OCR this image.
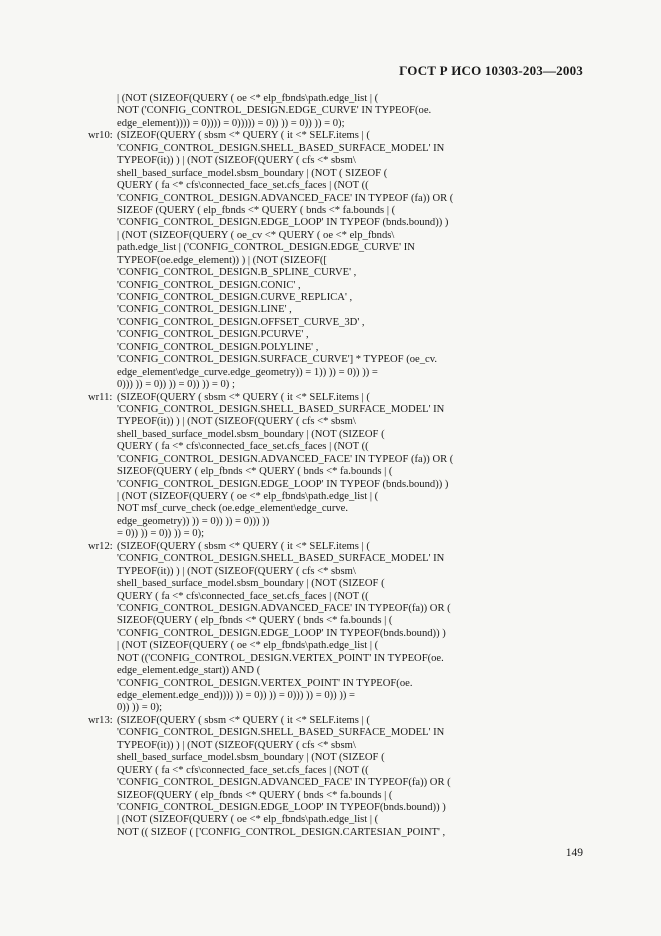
ГОСТ Р ИСО 10303-203—2003
| (NOT (SIZEOF(QUERY ( oe <* elp_fbnds\path.edge_list | (
NOT ('CONFIG_CONTROL_DESIGN.EDGE_CURVE' IN TYPEOF(oe.
edge_element)))) = 0)))) = 0))))) = 0)) )) = 0)) )) = 0);
wr10: (SIZEOF(QUERY ( sbsm <* QUERY ( it <* SELF.items | (
'CONFIG_CONTROL_DESIGN.SHELL_BASED_SURFACE_MODEL' IN
TYPEOF(it)) ) | (NOT (SIZEOF(QUERY ( cfs <* sbsm\
shell_based_surface_model.sbsm_boundary | (NOT ( SIZEOF (
QUERY ( fa <* cfs\connected_face_set.cfs_faces | (NOT ((
'CONFIG_CONTROL_DESIGN.ADVANCED_FACE' IN TYPEOF (fa)) OR (
SIZEOF (QUERY ( elp_fbnds <* QUERY ( bnds <* fa.bounds | (
'CONFIG_CONTROL_DESIGN.EDGE_LOOP' IN TYPEOF (bnds.bound)) )
| (NOT (SIZEOF(QUERY ( oe_cv <* QUERY ( oe <* elp_fbnds\
path.edge_list | ('CONFIG_CONTROL_DESIGN.EDGE_CURVE' IN
TYPEOF(oe.edge_element)) ) | (NOT (SIZEOF([
'CONFIG_CONTROL_DESIGN.B_SPLINE_CURVE' ,
'CONFIG_CONTROL_DESIGN.CONIC' ,
'CONFIG_CONTROL_DESIGN.CURVE_REPLICA' ,
'CONFIG_CONTROL_DESIGN.LINE' ,
'CONFIG_CONTROL_DESIGN.OFFSET_CURVE_3D' ,
'CONFIG_CONTROL_DESIGN.PCURVE' ,
'CONFIG_CONTROL_DESIGN.POLYLINE' ,
'CONFIG_CONTROL_DESIGN.SURFACE_CURVE'] * TYPEOF (oe_cv.
edge_element\edge_curve.edge_geometry)) = 1)) )) = 0)) )) =
0))) )) = 0)) )) = 0)) )) = 0) ;
wr11: (SIZEOF(QUERY ( sbsm <* QUERY ( it <* SELF.items | (
'CONFIG_CONTROL_DESIGN.SHELL_BASED_SURFACE_MODEL' IN
TYPEOF(it)) ) | (NOT (SIZEOF(QUERY ( cfs <* sbsm\
shell_based_surface_model.sbsm_boundary | (NOT (SIZEOF (
QUERY ( fa <* cfs\connected_face_set.cfs_faces | (NOT ((
'CONFIG_CONTROL_DESIGN.ADVANCED_FACE' IN TYPEOF (fa)) OR (
SIZEOF(QUERY ( elp_fbnds <* QUERY ( bnds <* fa.bounds | (
'CONFIG_CONTROL_DESIGN.EDGE_LOOP' IN TYPEOF (bnds.bound)) )
| (NOT (SIZEOF(QUERY ( oe <* elp_fbnds\path.edge_list | (
NOT msf_curve_check (oe.edge_element\edge_curve.
edge_geometry)) )) = 0)) )) = 0))) ))
= 0)) )) = 0)) )) = 0);
wr12: (SIZEOF(QUERY ( sbsm <* QUERY ( it <* SELF.items | (
'CONFIG_CONTROL_DESIGN.SHELL_BASED_SURFACE_MODEL' IN
TYPEOF(it)) ) | (NOT (SIZEOF(QUERY ( cfs <* sbsm\
shell_based_surface_model.sbsm_boundary | (NOT (SIZEOF (
QUERY ( fa <* cfs\connected_face_set.cfs_faces | (NOT ((
'CONFIG_CONTROL_DESIGN.ADVANCED_FACE' IN TYPEOF(fa)) OR (
SIZEOF(QUERY ( elp_fbnds <* QUERY ( bnds <* fa.bounds | (
'CONFIG_CONTROL_DESIGN.EDGE_LOOP' IN TYPEOF(bnds.bound)) )
| (NOT (SIZEOF(QUERY ( oe <* elp_fbnds\path.edge_list | (
NOT (('CONFIG_CONTROL_DESIGN.VERTEX_POINT' IN TYPEOF(oe.
edge_element.edge_start)) AND (
'CONFIG_CONTROL_DESIGN.VERTEX_POINT' IN TYPEOF(oe.
edge_element.edge_end)))) )) = 0)) )) = 0))) )) = 0)) )) =
0)) )) = 0);
wr13: (SIZEOF(QUERY ( sbsm <* QUERY ( it <* SELF.items | (
'CONFIG_CONTROL_DESIGN.SHELL_BASED_SURFACE_MODEL' IN
TYPEOF(it)) ) | (NOT (SIZEOF(QUERY ( cfs <* sbsm\
shell_based_surface_model.sbsm_boundary | (NOT (SIZEOF (
QUERY ( fa <* cfs\connected_face_set.cfs_faces | (NOT ((
'CONFIG_CONTROL_DESIGN.ADVANCED_FACE' IN TYPEOF(fa)) OR (
SIZEOF(QUERY ( elp_fbnds <* QUERY ( bnds <* fa.bounds | (
'CONFIG_CONTROL_DESIGN.EDGE_LOOP' IN TYPEOF(bnds.bound)) )
| (NOT (SIZEOF(QUERY ( oe <* elp_fbnds\path.edge_list | (
NOT (( SIZEOF ( ['CONFIG_CONTROL_DESIGN.CARTESIAN_POINT' ,
149
